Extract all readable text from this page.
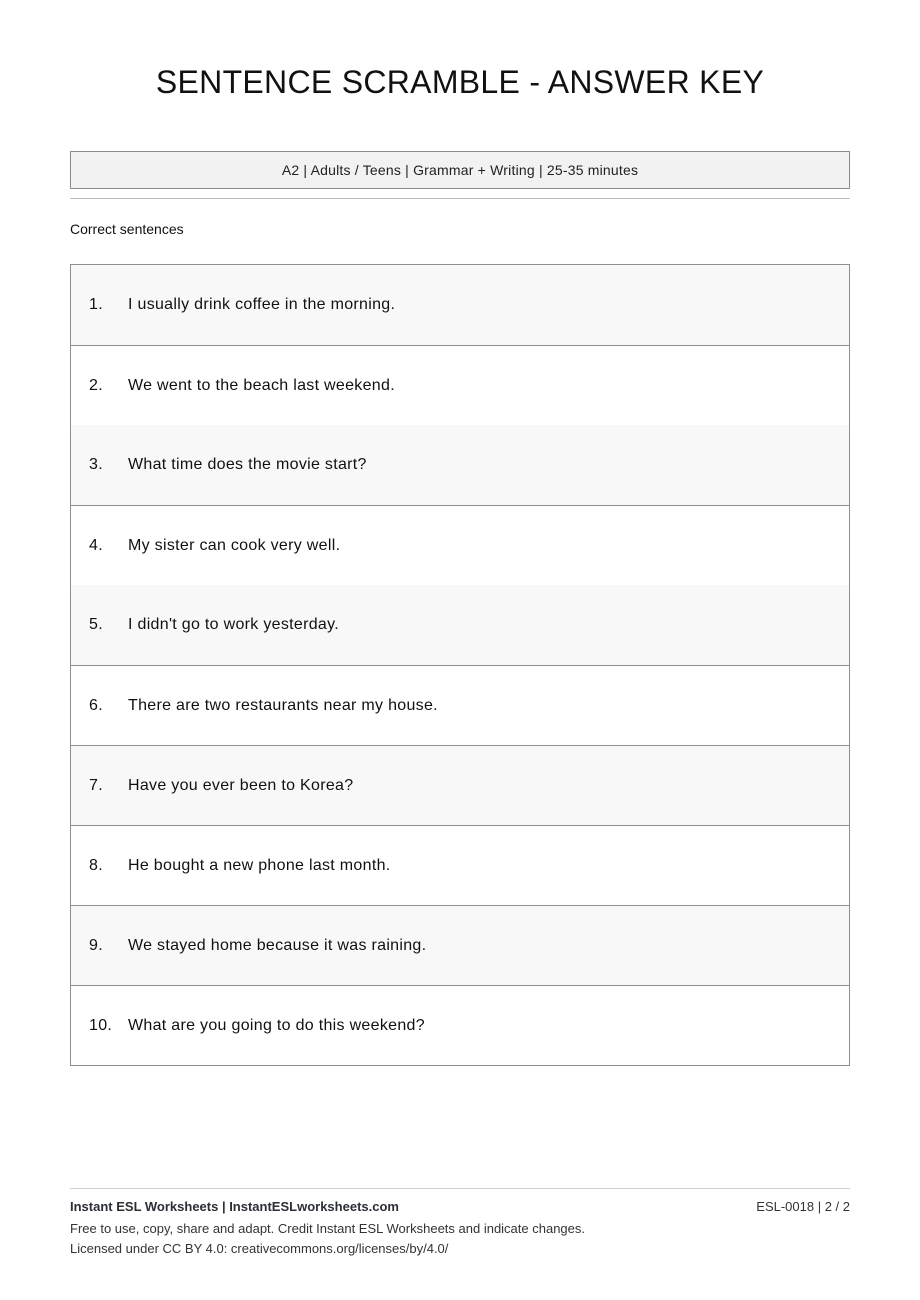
SENTENCE SCRAMBLE - ANSWER KEY
A2 | Adults / Teens | Grammar + Writing | 25-35 minutes
Correct sentences
1.	I usually drink coffee in the morning.
2.	We went to the beach last weekend.
3.	What time does the movie start?
4.	My sister can cook very well.
5.	I didn't go to work yesterday.
6.	There are two restaurants near my house.
7.	Have you ever been to Korea?
8.	He bought a new phone last month.
9.	We stayed home because it was raining.
10. What are you going to do this weekend?
Instant ESL Worksheets | InstantESLworksheets.com	ESL-0018 | 2 / 2
Free to use, copy, share and adapt. Credit Instant ESL Worksheets and indicate changes.
Licensed under CC BY 4.0: creativecommons.org/licenses/by/4.0/
